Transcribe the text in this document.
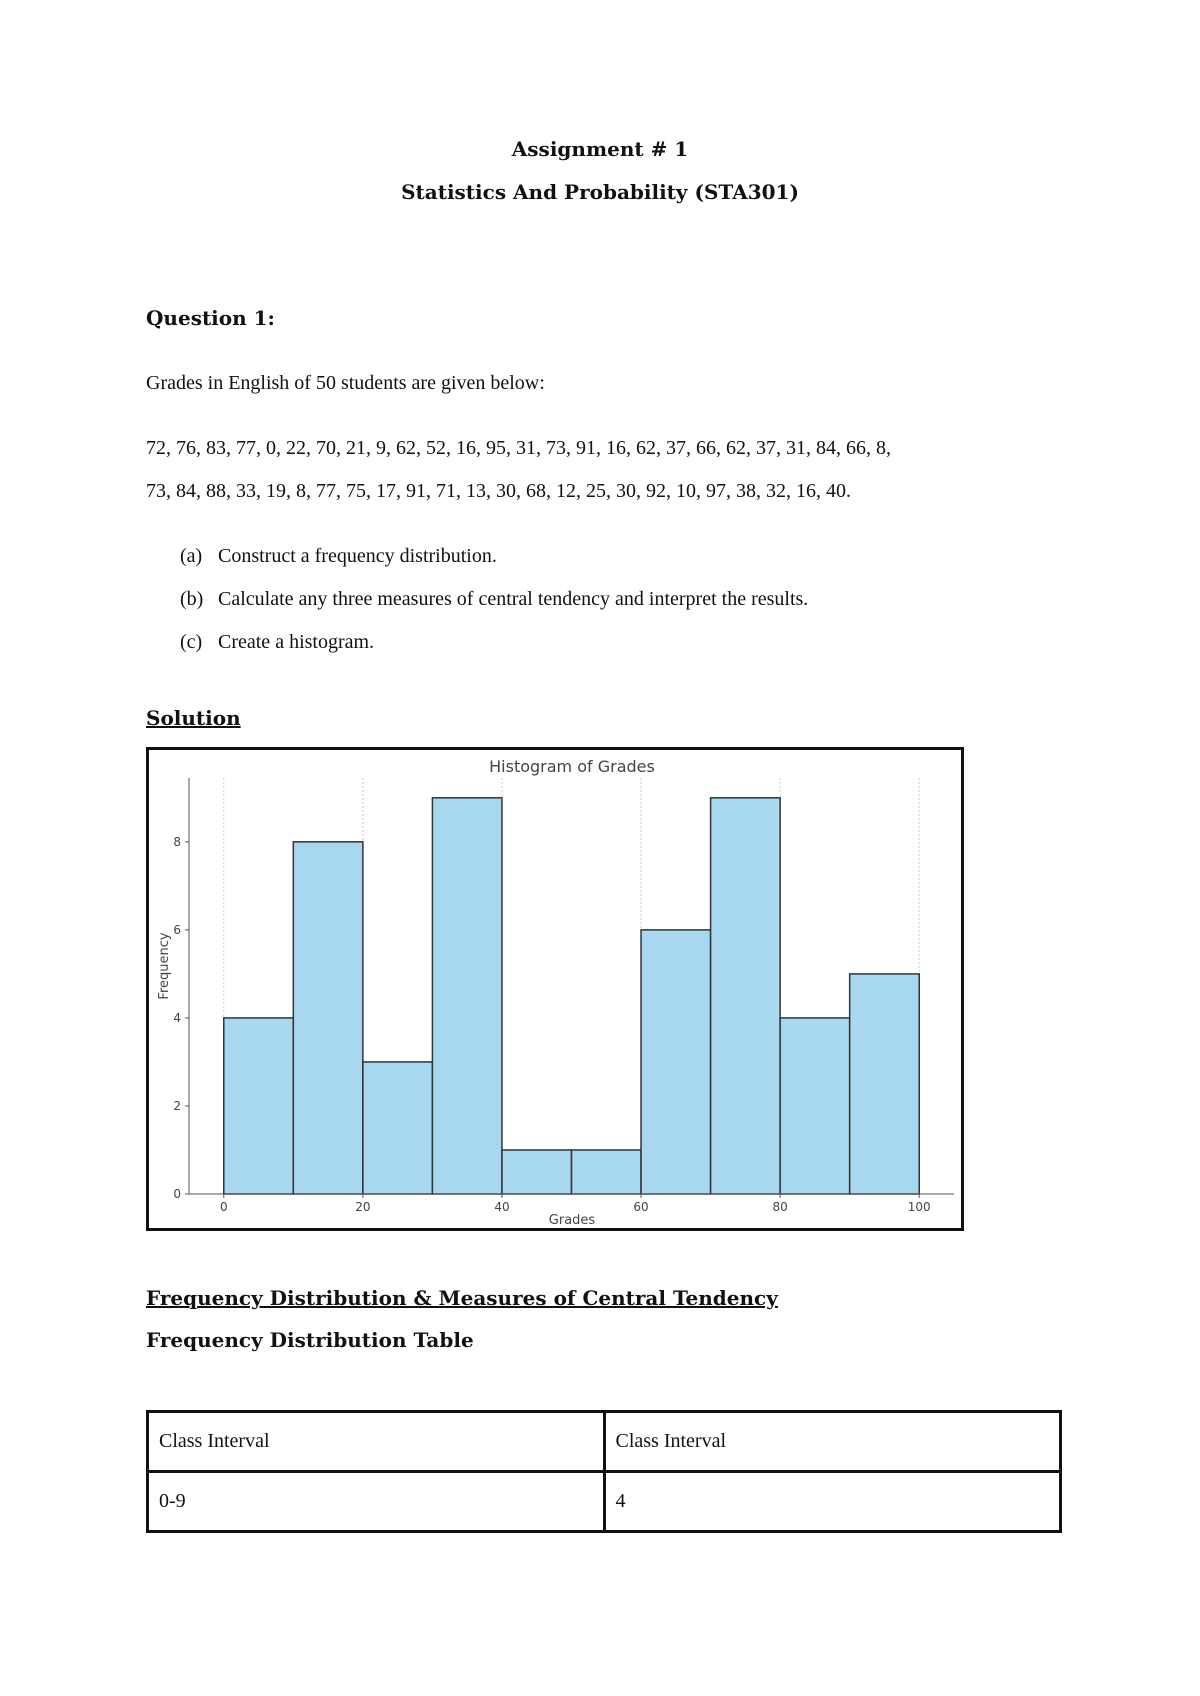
Assignment # 1
Statistics And Probability (STA301)
Question 1:
Grades in English of 50 students are given below:
72, 76, 83, 77, 0, 22, 70, 21, 9, 62, 52, 16, 95, 31, 73, 91, 16, 62, 37, 66, 62, 37, 31, 84, 66, 8,
73, 84, 88, 33, 19, 8, 77, 75, 17, 91, 71, 13, 30, 68, 12, 25, 30, 92, 10, 97, 38, 32, 16, 40.
(a) Construct a frequency distribution.
(b) Calculate any three measures of central tendency and interpret the results.
(c) Create a histogram.
Solution
0	20	40	60	80	100
0
2
4
6
8
Histogram of Grades
Grades
Frequency
Frequency Distribution & Measures of Central Tendency
Frequency Distribution Table
Class Interval	Class Interval
0-9	4
